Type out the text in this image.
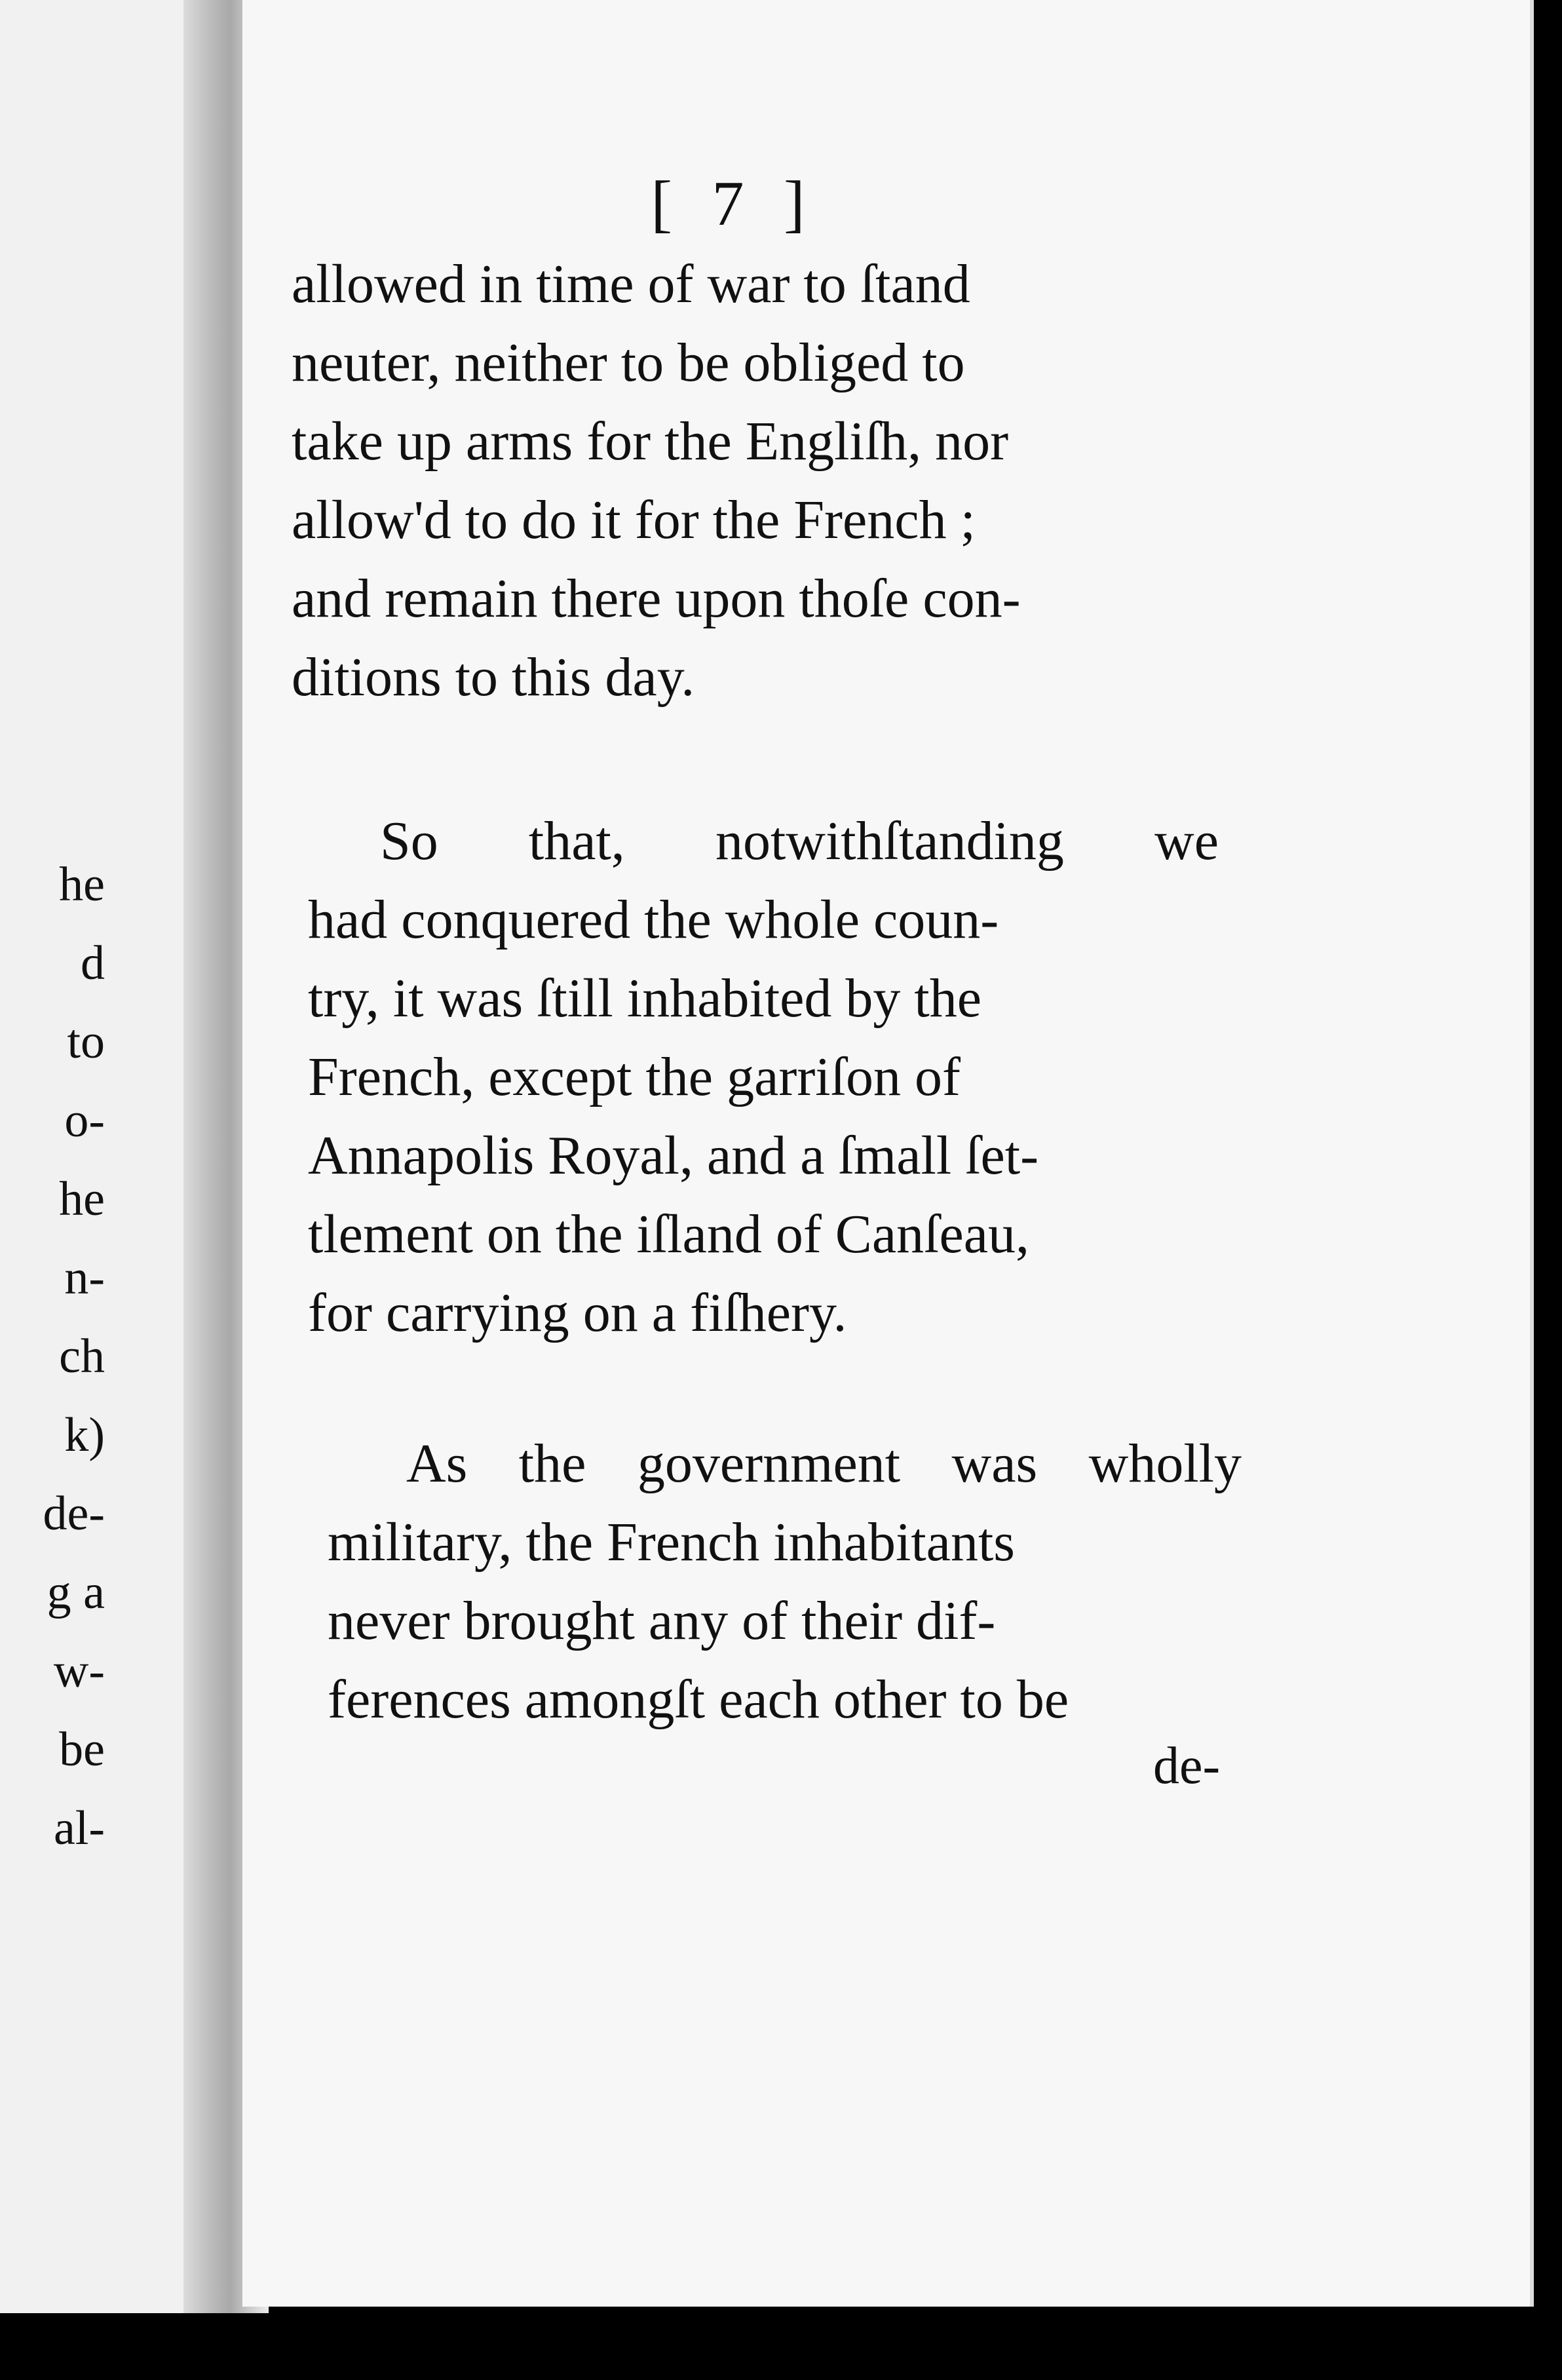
he
d
to
o-
he
n-
ch
k)
de-
g a
w-
be
al-
[ 7 ]
allowed in time of war to ſtand
neuter, neither to be obliged to
take up arms for the Engliſh, nor
allow'd to do it for the French ;
and remain there upon thoſe con-
ditions to this day.
So that, notwithſtanding we
had conquered the whole coun-
try, it was ſtill inhabited by the
French, except the garriſon of
Annapolis Royal, and a ſmall ſet-
tlement on the iſland of Canſeau,
for carrying on a fiſhery.
As the government was wholly
military, the French inhabitants
never brought any of their dif-
ferences amongſt each other to be
de-
